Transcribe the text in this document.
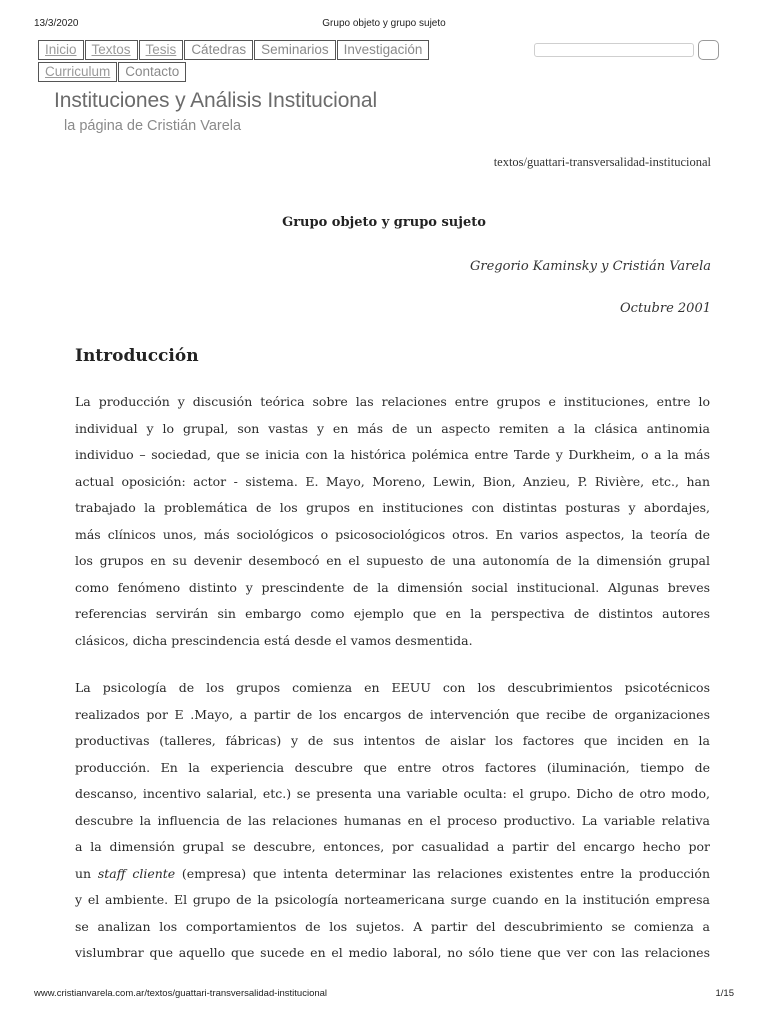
13/3/2020	Grupo objeto y grupo sujeto
Inicio Textos Tesis Cátedras Seminarios InvestigaciónCurriculum Contacto
Instituciones y Análisis Institucional
la página de Cristián Varela
textos/guattari-transversalidad-institucional
Grupo objeto y grupo sujeto
Gregorio Kaminsky y Cristián Varela
Octubre 2001
Introducción
La producción y discusión teórica sobre las relaciones entre grupos e instituciones, entre lo
individual y lo grupal, son vastas y en más de un aspecto remiten a la clásica antinomia
individuo – sociedad, que se inicia con la histórica polémica entre Tarde y Durkheim, o a la más
actual oposición: actor - sistema. E. Mayo, Moreno, Lewin, Bion, Anzieu, P. Rivière, etc., han
trabajado la problemática de los grupos en instituciones con distintas posturas y abordajes,
más clínicos unos, más sociológicos o psicosociológicos otros. En varios aspectos, la teoría de
los grupos en su devenir desembocó en el supuesto de una autonomía de la dimensión grupal
como fenómeno distinto y prescindente de la dimensión social institucional. Algunas breves
referencias servirán sin embargo como ejemplo que en la perspectiva de distintos autores
clásicos, dicha prescindencia está desde el vamos desmentida.
La psicología de los grupos comienza en EEUU con los descubrimientos psicotécnicos
realizados por E .Mayo, a partir de los encargos de intervención que recibe de organizaciones
productivas (talleres, fábricas) y de sus intentos de aislar los factores que inciden en la
producción. En la experiencia descubre que entre otros factores (iluminación, tiempo de
descanso, incentivo salarial, etc.) se presenta una variable oculta: el grupo. Dicho de otro modo,
descubre la influencia de las relaciones humanas en el proceso productivo. La variable relativa
a la dimensión grupal se descubre, entonces, por casualidad a partir del encargo hecho por
un staff cliente (empresa) que intenta determinar las relaciones existentes entre la producción
y el ambiente. El grupo de la psicología norteamericana surge cuando en la institución empresa
se analizan los comportamientos de los sujetos. A partir del descubrimiento se comienza a
vislumbrar que aquello que sucede en el medio laboral, no sólo tiene que ver con las relaciones
www.cristianvarela.com.ar/textos/guattari-transversalidad-institucional	1/15
